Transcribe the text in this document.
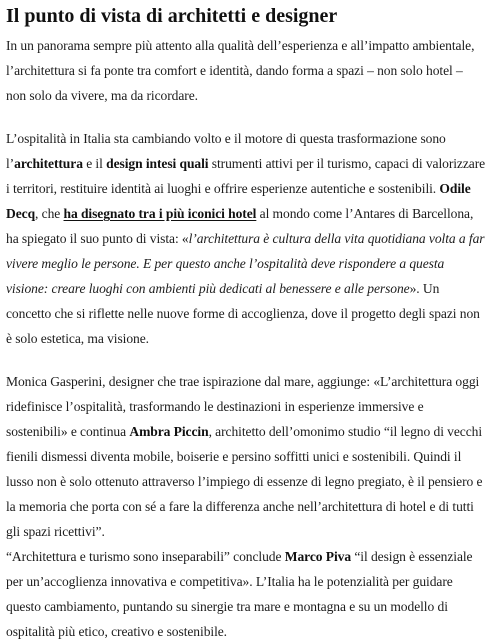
Il punto di vista di architetti e designer

In un panorama sempre più attento alla qualità dell’esperienza e all’impatto ambientale, l’architettura si fa ponte tra comfort e identità, dando forma a spazi – non solo hotel – non solo da vivere, ma da ricordare.

L’ospitalità in Italia sta cambiando volto e il motore di questa trasformazione sono l’architettura e il design intesi quali strumenti attivi per il turismo, capaci di valorizzare i territori, restituire identità ai luoghi e offrire esperienze autentiche e sostenibili. Odile Decq, che ha disegnato tra i più iconici hotel al mondo come l’Antares di Barcellona, ha spiegato il suo punto di vista: «l’architettura è cultura della vita quotidiana volta a far vivere meglio le persone. E per questo anche l’ospitalità deve rispondere a questa visione: creare luoghi con ambienti più dedicati al benessere e alle persone». Un concetto che si riflette nelle nuove forme di accoglienza, dove il progetto degli spazi non è solo estetica, ma visione.

Monica Gasperini, designer che trae ispirazione dal mare, aggiunge: «L’architettura oggi ridefinisce l’ospitalità, trasformando le destinazioni in esperienze immersive e sostenibili» e continua Ambra Piccin, architetto dell’omonimo studio “il legno di vecchi fienili dismessi diventa mobile, boiserie e persino soffitti unici e sostenibili. Quindi il lusso non è solo ottenuto attraverso l’impiego di essenze di legno pregiato, è il pensiero e la memoria che porta con sé a fare la differenza anche nell’architettura di hotel e di tutti gli spazi ricettivi”.

“Architettura e turismo sono inseparabili” conclude Marco Piva “il design è essenziale per un’accoglienza innovativa e competitiva». L’Italia ha le potenzialità per guidare questo cambiamento, puntando su sinergie tra mare e montagna e su un modello di ospitalità più etico, creativo e sostenibile.
